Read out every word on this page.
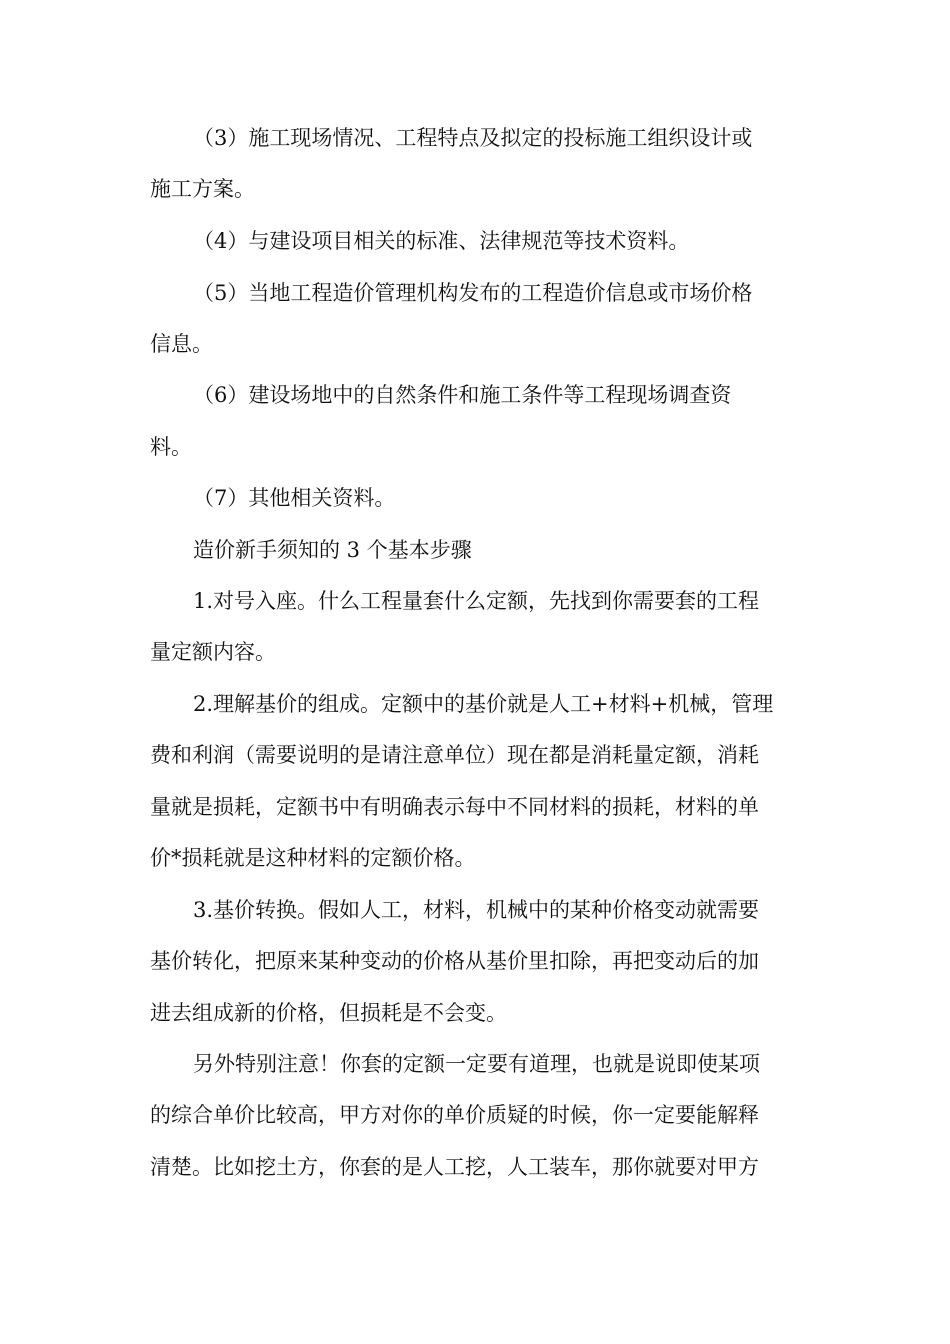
（3）施工现场情况、工程特点及拟定的投标施工组织设计或

施工方案。

（4）与建设项目相关的标准、法律规范等技术资料。

（5）当地工程造价管理机构发布的工程造价信息或市场价格

信息。

（6）建设场地中的自然条件和施工条件等工程现场调查资

料。

（7）其他相关资料。

造价新手须知的 3 个基本步骤

1.对号入座。什么工程量套什么定额，先找到你需要套的工程

量定额内容。

2.理解基价的组成。定额中的基价就是人工+材料+机械，管理

费和利润（需要说明的是请注意单位）现在都是消耗量定额，消耗

量就是损耗，定额书中有明确表示每中不同材料的损耗，材料的单

价*损耗就是这种材料的定额价格。

3.基价转换。假如人工，材料，机械中的某种价格变动就需要

基价转化，把原来某种变动的价格从基价里扣除，再把变动后的加

进去组成新的价格，但损耗是不会变。

另外特别注意！你套的定额一定要有道理，也就是说即使某项

的综合单价比较高，甲方对你的单价质疑的时候，你一定要能解释

清楚。比如挖土方，你套的是人工挖，人工装车，那你就要对甲方
